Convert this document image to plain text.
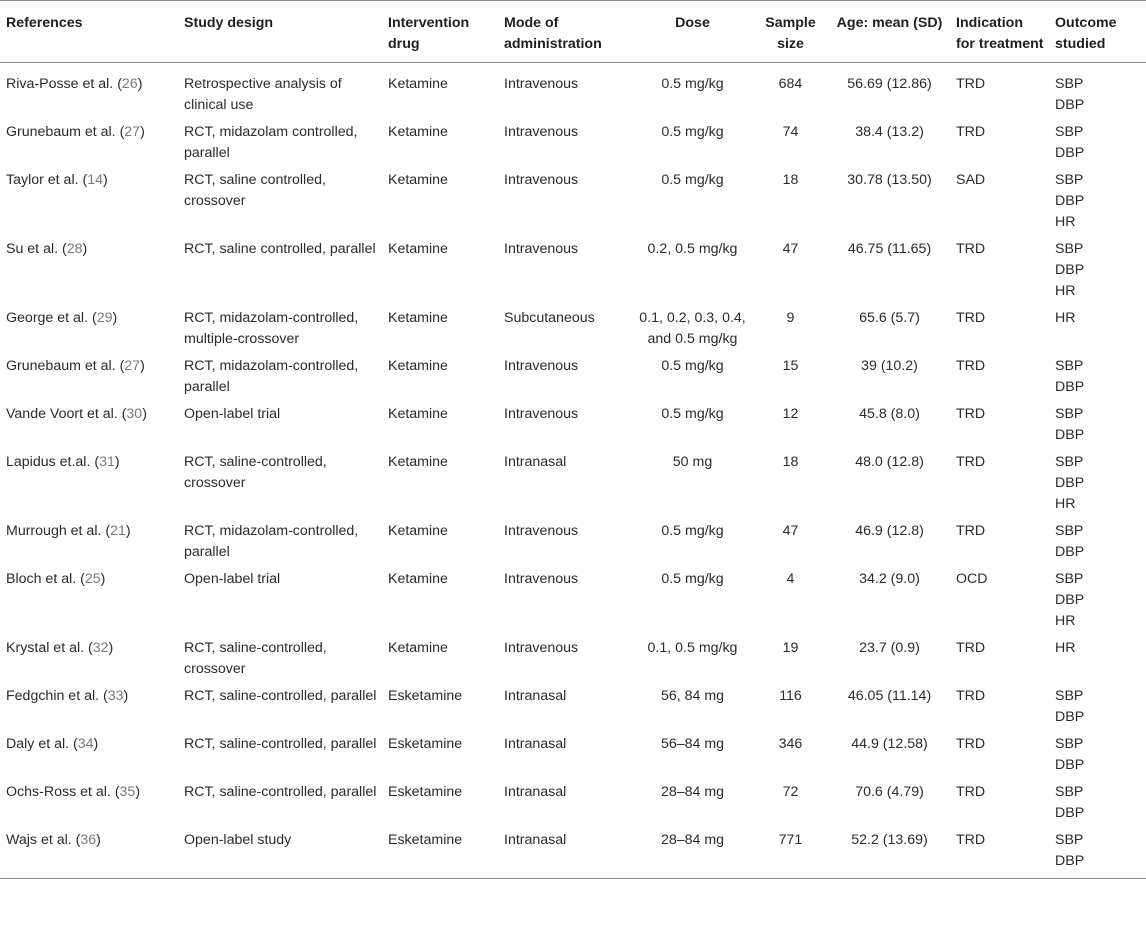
References	Study design	Intervention drug	Mode of administration	Dose	Sample size	Age: mean (SD)	Indication for treatment	Outcome studied

Riva-Posse et al. (26)	Retrospective analysis of clinical use	Ketamine	Intravenous	0.5 mg/kg	684	56.69 (12.86)	TRD	SBP
DBP

Grunebaum et al. (27)	RCT, midazolam controlled, parallel	Ketamine	Intravenous	0.5 mg/kg	74	38.4 (13.2)	TRD	SBP
DBP

Taylor et al. (14)	RCT, saline controlled, crossover	Ketamine	Intravenous	0.5 mg/kg	18	30.78 (13.50)	SAD	SBP
DBP
HR

Su et al. (28)	RCT, saline controlled, parallel	Ketamine	Intravenous	0.2, 0.5 mg/kg	47	46.75 (11.65)	TRD	SBP
DBP
HR

George et al. (29)	RCT, midazolam-controlled, multiple-crossover	Ketamine	Subcutaneous	0.1, 0.2, 0.3, 0.4, and 0.5 mg/kg	9	65.6 (5.7)	TRD	HR

Grunebaum et al. (27)	RCT, midazolam-controlled, parallel	Ketamine	Intravenous	0.5 mg/kg	15	39 (10.2)	TRD	SBP
DBP

Vande Voort et al. (30)	Open-label trial	Ketamine	Intravenous	0.5 mg/kg	12	45.8 (8.0)	TRD	SBP
DBP

Lapidus et.al. (31)	RCT, saline-controlled, crossover	Ketamine	Intranasal	50 mg	18	48.0 (12.8)	TRD	SBP
DBP
HR

Murrough et al. (21)	RCT, midazolam-controlled, parallel	Ketamine	Intravenous	0.5 mg/kg	47	46.9 (12.8)	TRD	SBP
DBP

Bloch et al. (25)	Open-label trial	Ketamine	Intravenous	0.5 mg/kg	4	34.2 (9.0)	OCD	SBP
DBP
HR

Krystal et al. (32)	RCT, saline-controlled, crossover	Ketamine	Intravenous	0.1, 0.5 mg/kg	19	23.7 (0.9)	TRD	HR

Fedgchin et al. (33)	RCT, saline-controlled, parallel	Esketamine	Intranasal	56, 84 mg	116	46.05 (11.14)	TRD	SBP
DBP

Daly et al. (34)	RCT, saline-controlled, parallel	Esketamine	Intranasal	56–84 mg	346	44.9 (12.58)	TRD	SBP
DBP

Ochs-Ross et al. (35)	RCT, saline-controlled, parallel	Esketamine	Intranasal	28–84 mg	72	70.6 (4.79)	TRD	SBP
DBP

Wajs et al. (36)	Open-label study	Esketamine	Intranasal	28–84 mg	771	52.2 (13.69)	TRD	SBP
DBP
